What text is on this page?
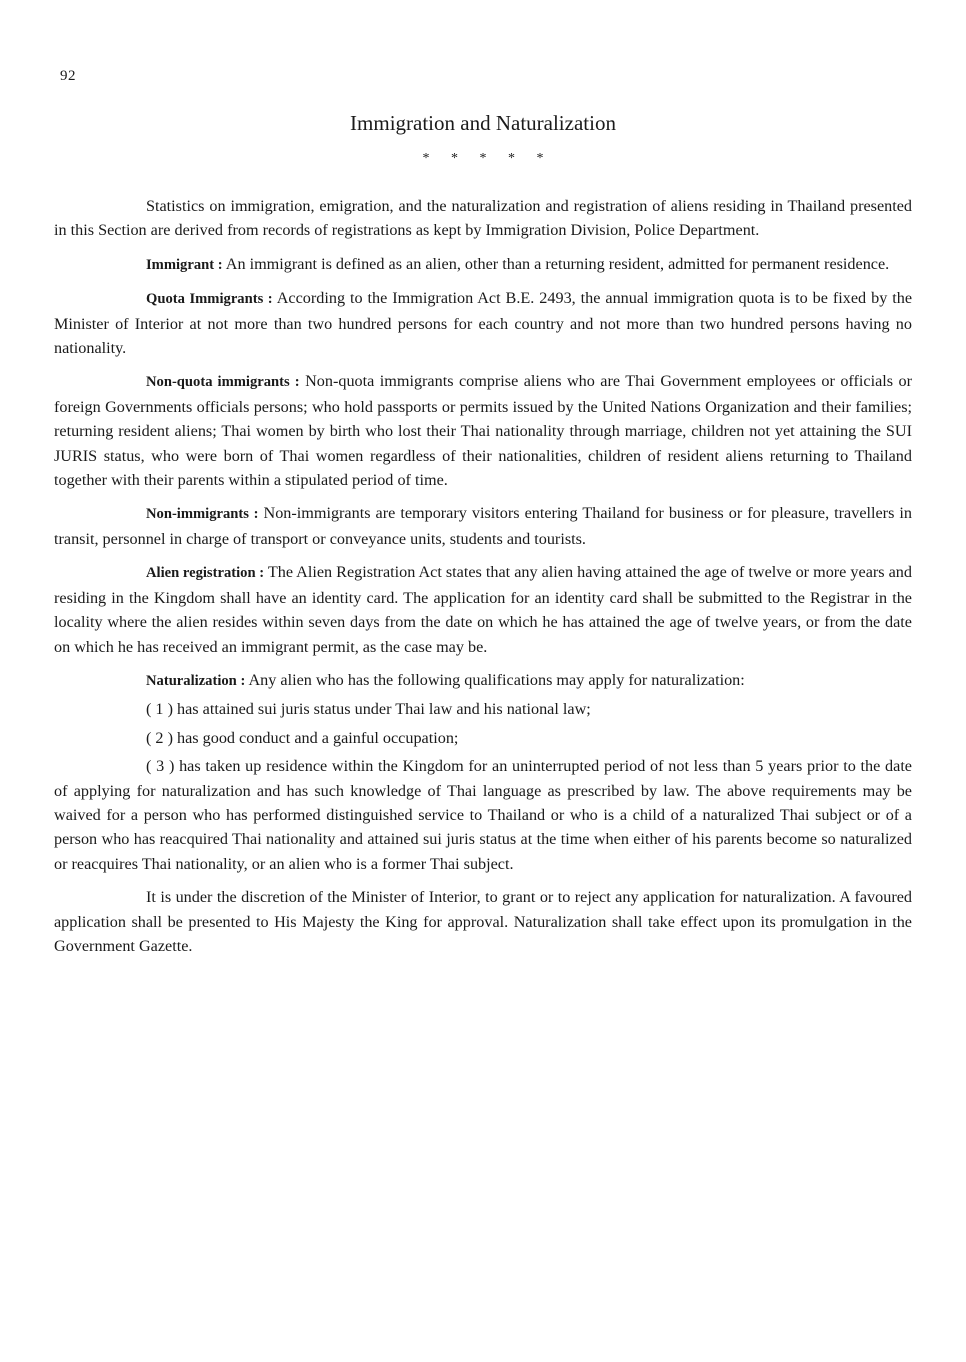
92
Immigration and Naturalization
* * * * *

Statistics on immigration, emigration, and the naturalization and registration of aliens residing in Thailand presented in this Section are derived from records of registrations as kept by Immigration Division, Police Department.

Immigrant : An immigrant is defined as an alien, other than a returning resident, admitted for permanent residence.

Quota Immigrants : According to the Immigration Act B.E. 2493, the annual immigration quota is to be fixed by the Minister of Interior at not more than two hundred persons for each country and not more than two hundred persons having no nationality.

Non-quota immigrants : Non-quota immigrants comprise aliens who are Thai Government employees or officials or foreign Governments officials persons; who hold passports or permits issued by the United Nations Organization and their families; returning resident aliens; Thai women by birth who lost their Thai nationality through marriage, children not yet attaining the SUI JURIS status, who were born of Thai women regardless of their nationalities, children of resident aliens returning to Thailand together with their parents within a stipulated period of time.

Non-immigrants : Non-immigrants are temporary visitors entering Thailand for business or for pleasure, travellers in transit, personnel in charge of transport or conveyance units, students and tourists.

Alien registration : The Alien Registration Act states that any alien having attained the age of twelve or more years and residing in the Kingdom shall have an identity card. The application for an identity card shall be submitted to the Registrar in the locality where the alien resides within seven days from the date on which he has attained the age of twelve years, or from the date on which he has received an immigrant permit, as the case may be.

Naturalization : Any alien who has the following qualifications may apply for naturalization:

( 1 ) has attained sui juris status under Thai law and his national law;

( 2 ) has good conduct and a gainful occupation;

( 3 ) has taken up residence within the Kingdom for an uninterrupted period of not less than 5 years prior to the date of applying for naturalization and has such knowledge of Thai language as prescribed by law. The above requirements may be waived for a person who has performed distinguished service to Thailand or who is a child of a naturalized Thai subject or of a person who has reacquired Thai nationality and attained sui juris status at the time when either of his parents become so naturalized or reacquires Thai nationality, or an alien who is a former Thai subject.

It is under the discretion of the Minister of Interior, to grant or to reject any application for naturalization. A favoured application shall be presented to His Majesty the King for approval. Naturalization shall take effect upon its promulgation in the Government Gazette.
